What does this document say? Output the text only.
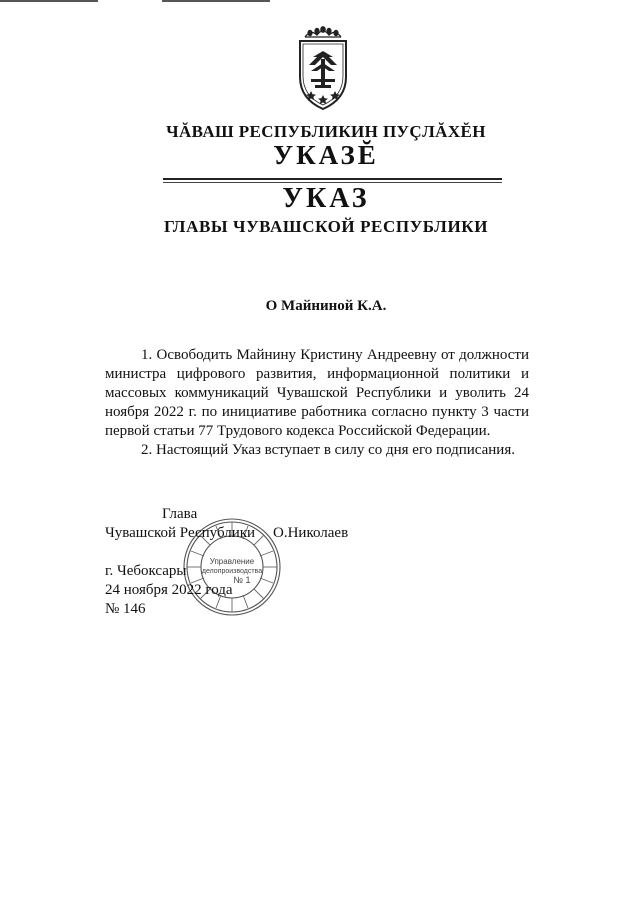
ЧĂВАШ РЕСПУБЛИКИН ПУÇЛĂХĔН
УКАЗĔ
УКАЗ
ГЛАВЫ ЧУВАШСКОЙ РЕСПУБЛИКИ
О Майниной К.А.

1. Освободить Майнину Кристину Андреевну от должности министра цифрового развития, информационной политики и массовых коммуникаций Чувашской Республики и уволить 24 ноября 2022 г. по инициативе работника согласно пункту 3 части первой статьи 77 Трудового кодекса Российской Федерации.

2. Настоящий Указ вступает в силу со дня его подписания.

Управление
делопроизводства
№ 1
Глава
Чувашской Республики О.Николаев
г. Чебоксары
24 ноября 2022 года
№ 146
